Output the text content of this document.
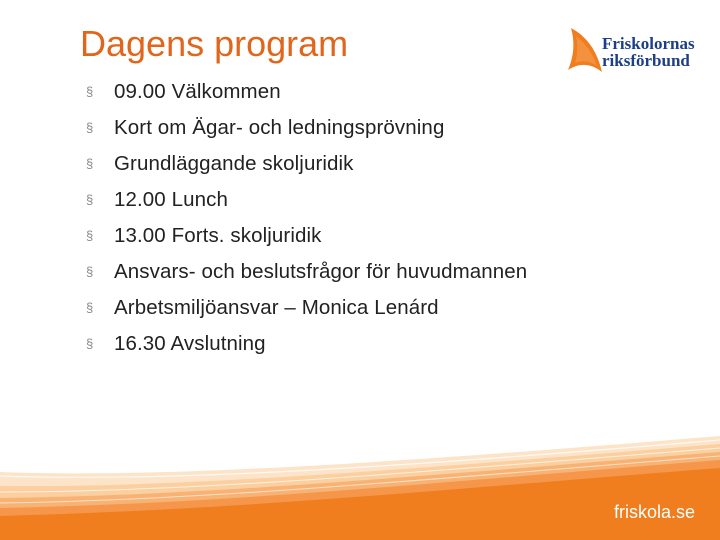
Dagens program	Friskolornas
riksförbund
§	09.00 Välkommen
§	Kort om Ägar- och ledningsprövning
§	Grundläggande skoljuridik
§	12.00 Lunch
§	13.00 Forts. skoljuridik
§	Ansvars- och beslutsfrågor för huvudmannen
§	Arbetsmiljöansvar – Monica Lenárd
§	16.30 Avslutning
friskola.se
